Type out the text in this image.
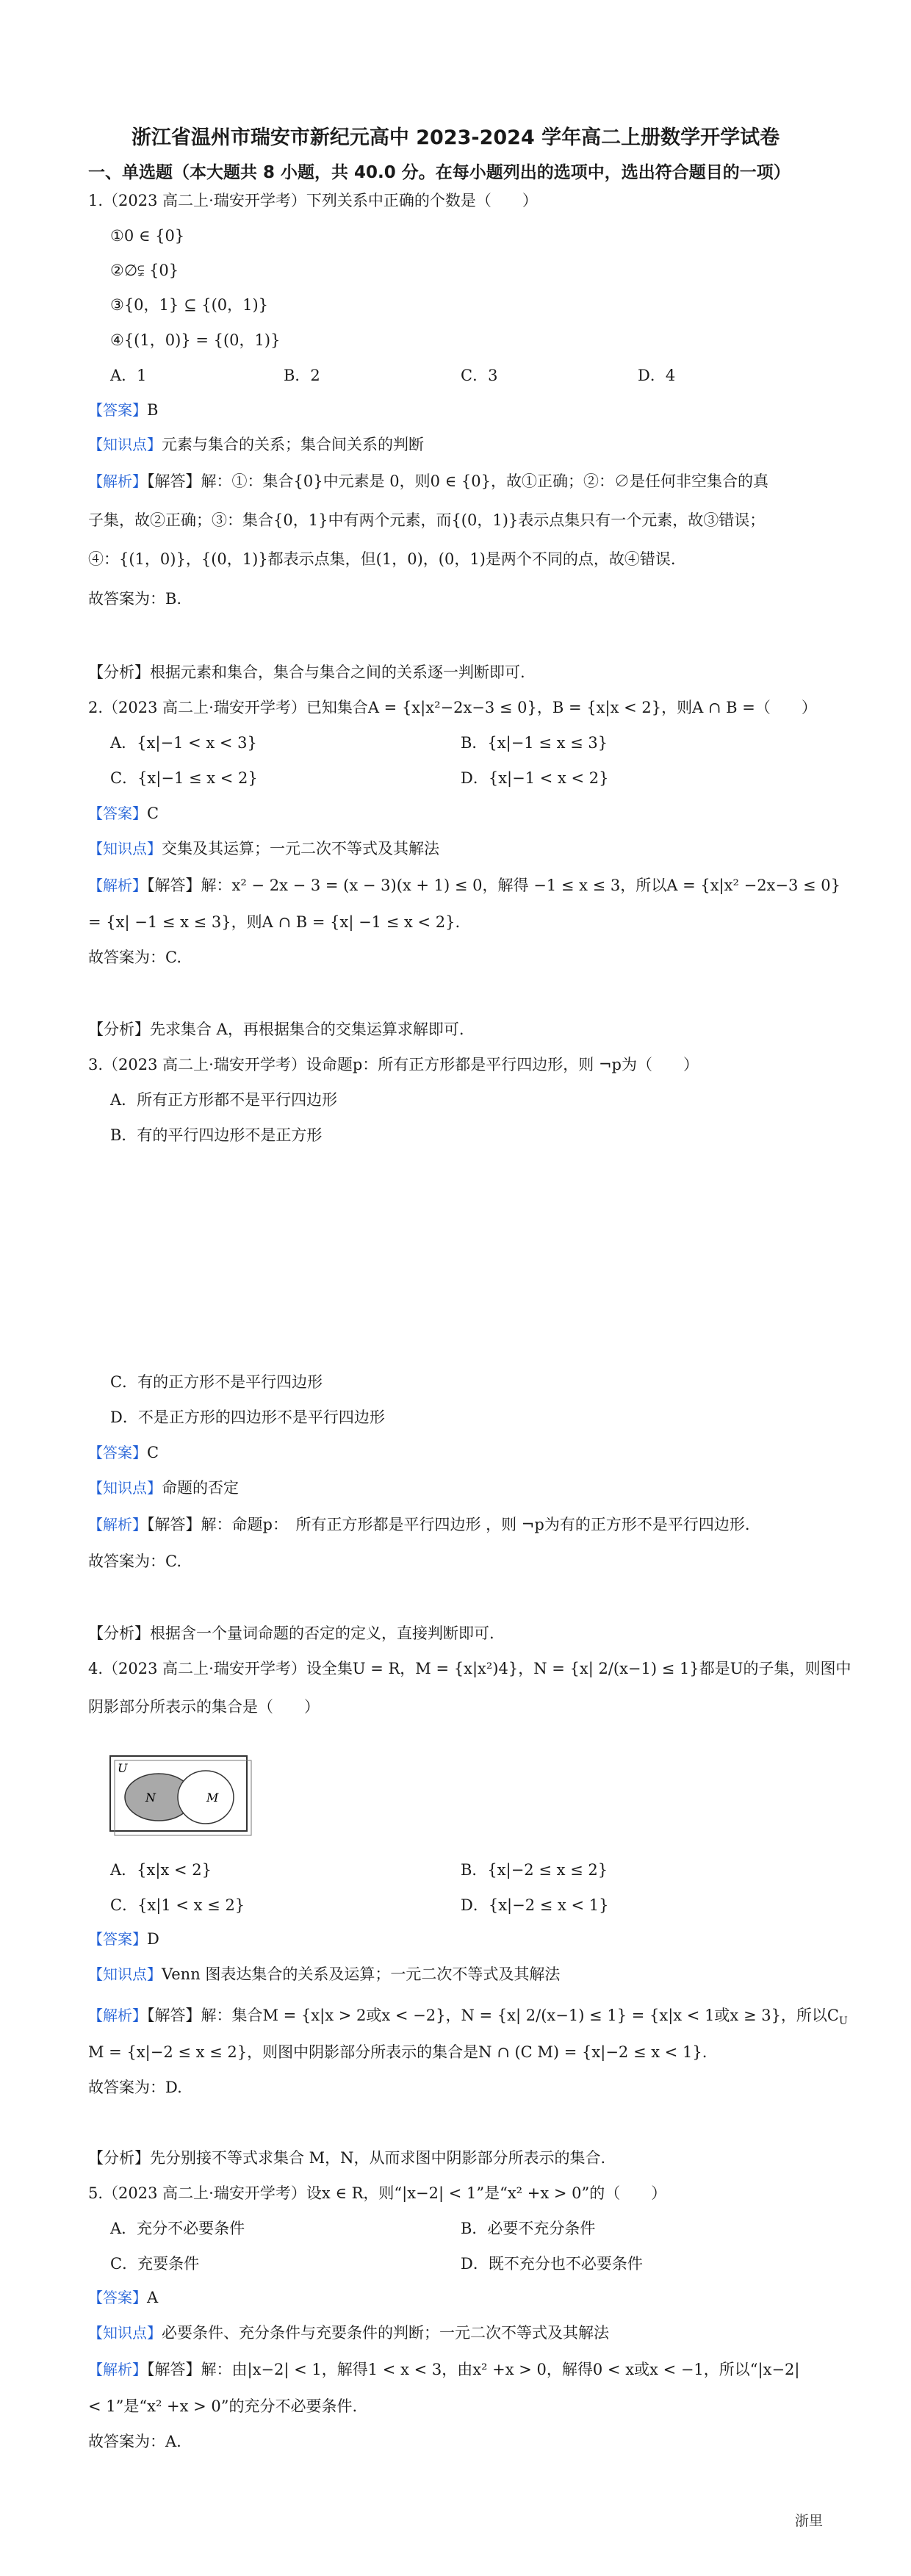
浙江省温州市瑞安市新纪元高中 2023-2024 学年高二上册数学开学试卷
一、单选题（本大题共 8 小题，共 40.0 分。在每小题列出的选项中，选出符合题目的一项）
1.（2023 高二上·瑞安开学考）下列关系中正确的个数是（　　）
①0 ∈ {0}
②∅⫋ {0}
③{0，1} ⊆ {(0，1)}
④{(1，0)} = {(0，1)}
A．1	B．2	C．3	D．4
【答案】B
【知识点】元素与集合的关系；集合间关系的判断
【解析】【解答】解：①：集合{0}中元素是 0，则0 ∈ {0}，故①正确；②：∅是任何非空集合的真
子集，故②正确；③：集合{0，1}中有两个元素，而{(0，1)}表示点集只有一个元素，故③错误；
④：{(1，0)}，{(0，1)}都表示点集，但(1，0)，(0，1)是两个不同的点，故④错误.
故答案为：B.
【分析】根据元素和集合，集合与集合之间的关系逐一判断即可.
2.（2023 高二上·瑞安开学考）已知集合A = {x|x²−2x−3 ≤ 0}，B = {x|x < 2}，则A ∩ B =（　　）
A．{x|−1 < x < 3}	B．{x|−1 ≤ x ≤ 3}
C．{x|−1 ≤ x < 2}	D．{x|−1 < x < 2}
【答案】C
【知识点】交集及其运算；一元二次不等式及其解法
【解析】【解答】解：x² − 2x − 3 = (x − 3)(x + 1) ≤ 0，解得 −1 ≤ x ≤ 3，所以A = {x|x² −2x−3 ≤ 0}
= {x| −1 ≤ x ≤ 3}，则A ∩ B = {x| −1 ≤ x < 2}.
故答案为：C.
【分析】先求集合 A，再根据集合的交集运算求解即可.
3.（2023 高二上·瑞安开学考）设命题p：所有正方形都是平行四边形，则 ¬p为（　　）
A．所有正方形都不是平行四边形
B．有的平行四边形不是正方形
C．有的正方形不是平行四边形
D．不是正方形的四边形不是平行四边形
【答案】C
【知识点】命题的否定
【解析】【解答】解：命题p：　所有正方形都是平行四边形 ，则 ¬p为有的正方形不是平行四边形.
故答案为：C.
【分析】根据含一个量词命题的否定的定义，直接判断即可.
4.（2023 高二上·瑞安开学考）设全集U = R，M = {x|x²)4}，N = {x| 2/(x−1) ≤ 1}都是U的子集，则图中
阴影部分所表示的集合是（　　）
U
N	M
A．{x|x < 2}	B．{x|−2 ≤ x ≤ 2}
C．{x|1 < x ≤ 2}	D．{x|−2 ≤ x < 1}
【答案】D
【知识点】Venn 图表达集合的关系及运算；一元二次不等式及其解法
【解析】【解答】解：集合M = {x|x > 2或x < −2}，N = {x| 2/(x−1) ≤ 1} = {x|x < 1或x ≥ 3}，所以$C_U$
M = {x|−2 ≤ x ≤ 2}，则图中阴影部分所表示的集合是N ∩ (C M) = {x|−2 ≤ x < 1}.
故答案为：D.
【分析】先分别接不等式求集合 M，N，从而求图中阴影部分所表示的集合.
5.（2023 高二上·瑞安开学考）设x ∈ R，则“|x−2| < 1”是“x² +x > 0”的（　　）
A．充分不必要条件	B．必要不充分条件
C．充要条件	D．既不充分也不必要条件
【答案】A
【知识点】必要条件、充分条件与充要条件的判断；一元二次不等式及其解法
【解析】【解答】解：由|x−2| < 1，解得1 < x < 3，由x² +x > 0，解得0 < x或x < −1，所以“|x−2|
< 1”是“x² +x > 0”的充分不必要条件.
故答案为：A.
浙里
